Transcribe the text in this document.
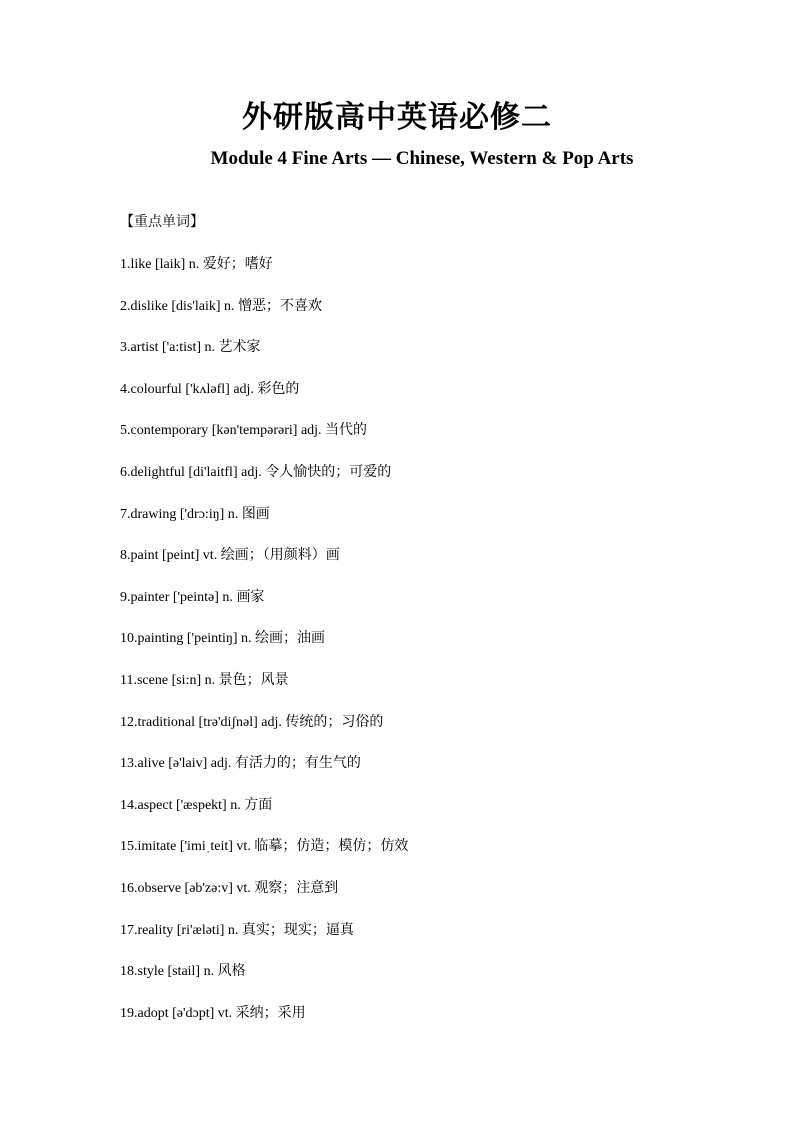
外研版高中英语必修二
Module 4 Fine Arts — Chinese, Western & Pop Arts
【重点单词】
1.like [laik] n. 爱好；嗜好
2.dislike [dis'laik] n. 憎恶；不喜欢
3.artist ['a:tist] n. 艺术家
4.colourful ['kʌləfl] adj. 彩色的
5.contemporary [kən'tempərəri] adj. 当代的
6.delightful [di'laitfl] adj. 令人愉快的；可爱的
7.drawing ['drɔ:iŋ] n. 图画
8.paint [peint] vt. 绘画；（用颜料）画
9.painter ['peintə] n. 画家
10.painting ['peintiŋ] n. 绘画；油画
11.scene [si:n] n. 景色；风景
12.traditional [trə'diʃnəl] adj. 传统的；习俗的
13.alive [ə'laiv] adj. 有活力的；有生气的
14.aspect ['æspekt] n. 方面
15.imitate ['imiˌteit] vt. 临摹；仿造；模仿；仿效
16.observe [əb'zə:v] vt. 观察；注意到
17.reality [ri'æləti] n. 真实；现实；逼真
18.style [stail] n. 风格
19.adopt [ə'dɔpt] vt. 采纳；采用
